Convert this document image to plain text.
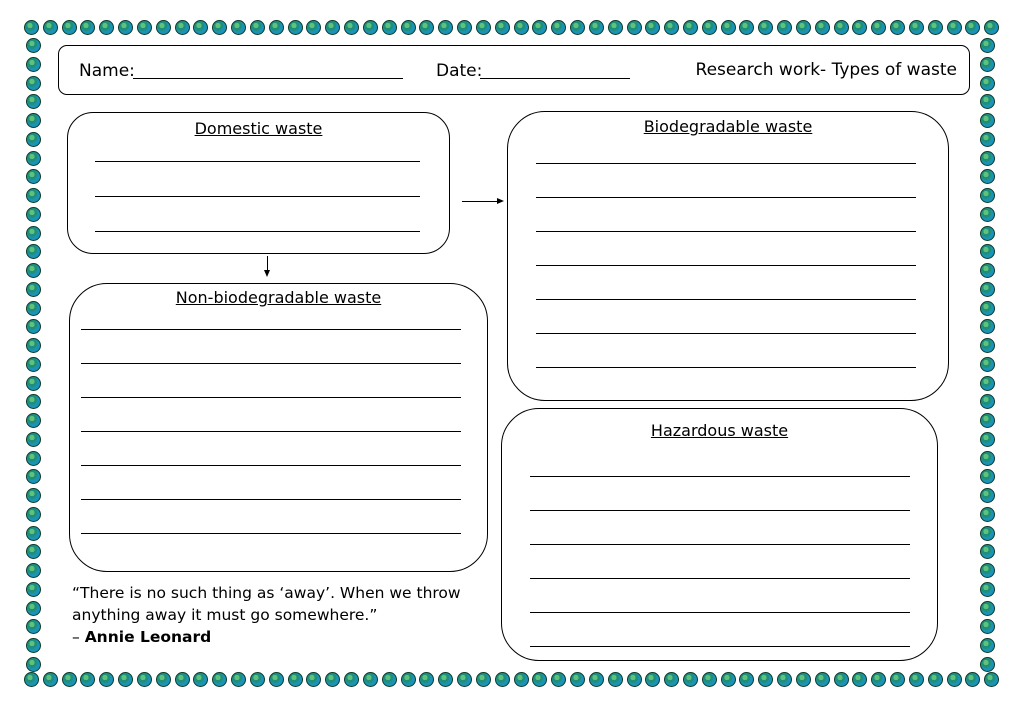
Name:	Date:	Research work- Types of waste
Domestic waste	Biodegradable waste
Non-biodegradable waste
Hazardous waste
“There is no such thing as ‘away’. When we throw
anything away it must go somewhere.”
– Annie Leonard
